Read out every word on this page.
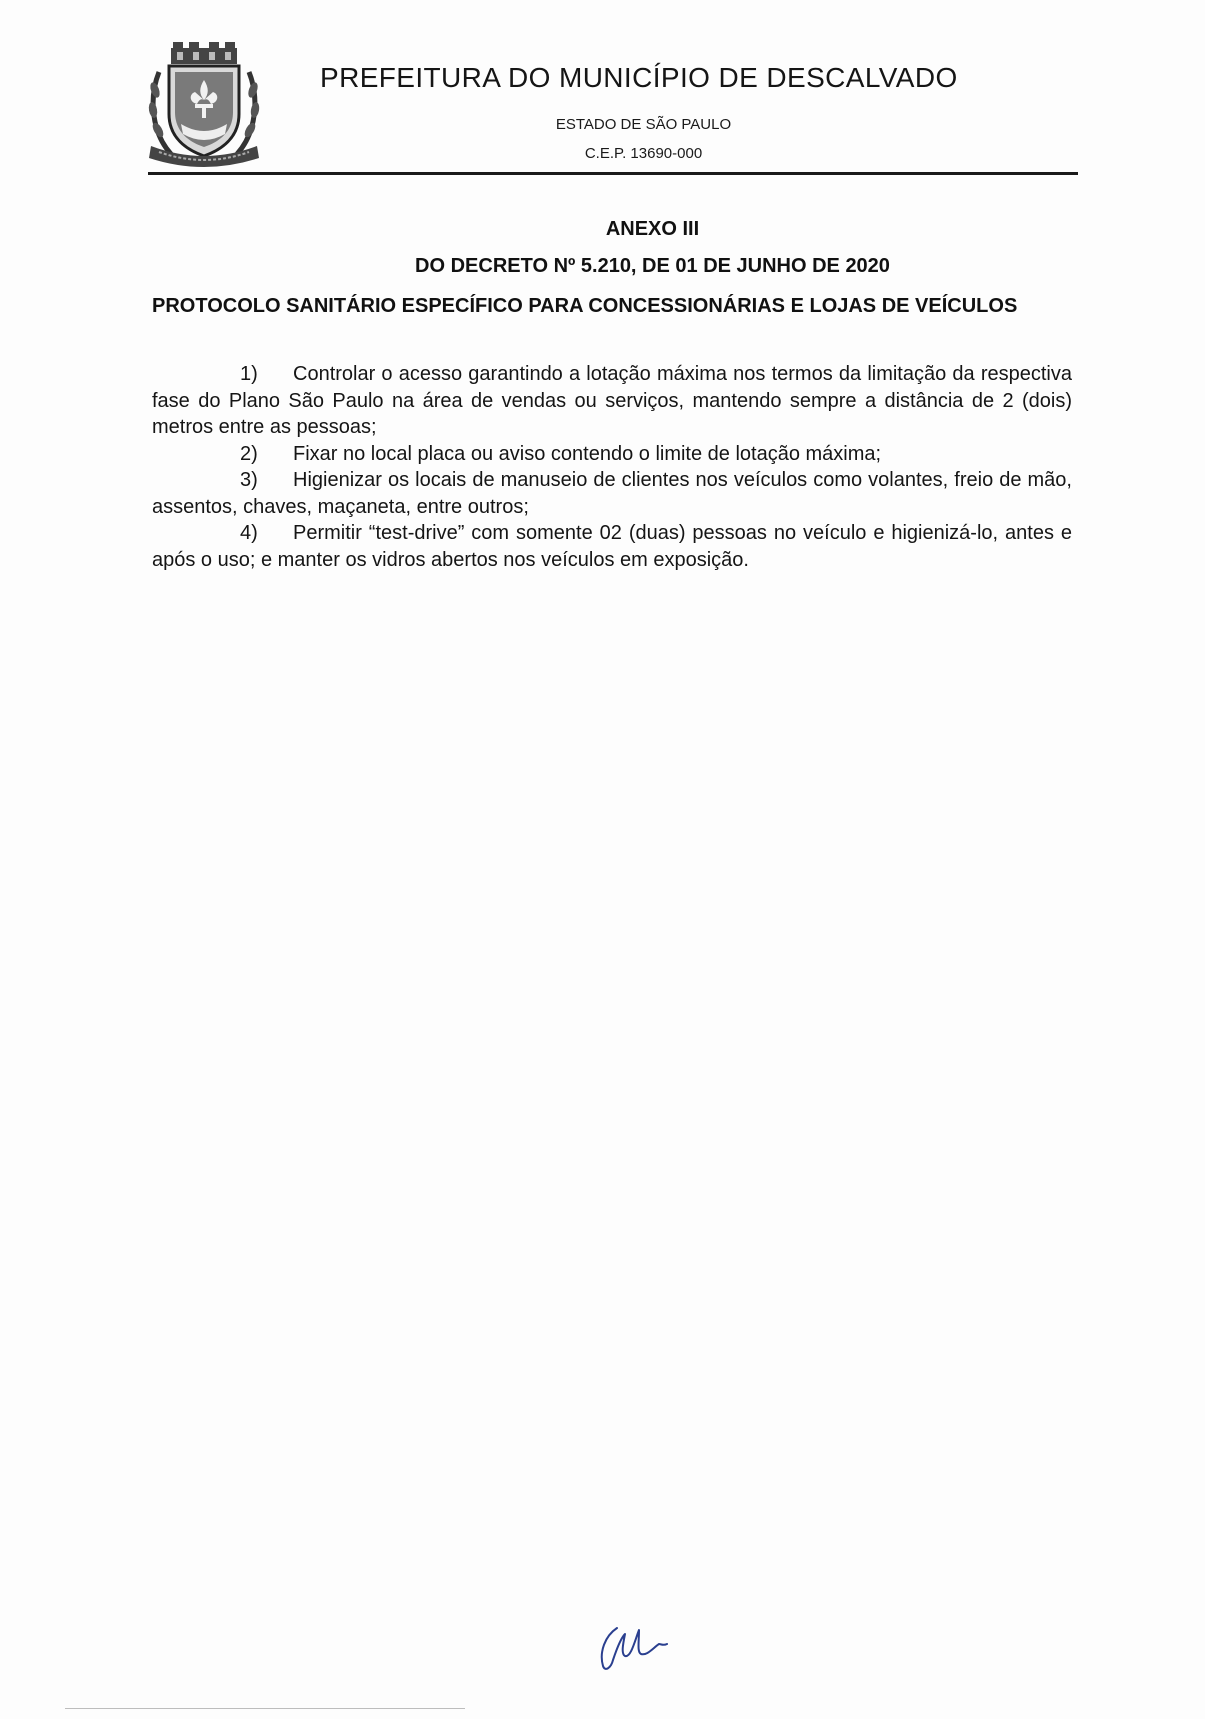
PREFEITURA DO MUNICÍPIO DE DESCALVADO
ESTADO DE SÃO PAULO
C.E.P. 13690-000
ANEXO III
DO DECRETO Nº 5.210, DE 01 DE JUNHO DE 2020
PROTOCOLO SANITÁRIO ESPECÍFICO PARA CONCESSIONÁRIAS E LOJAS DE VEÍCULOS

1) Controlar o acesso garantindo a lotação máxima nos termos da limitação da respectiva fase do Plano São Paulo na área de vendas ou serviços, mantendo sempre a distância de 2 (dois) metros entre as pessoas;

2) Fixar no local placa ou aviso contendo o limite de lotação máxima;

3) Higienizar os locais de manuseio de clientes nos veículos como volantes, freio de mão, assentos, chaves, maçaneta, entre outros;

4) Permitir “test-drive” com somente 02 (duas) pessoas no veículo e higienizá-lo, antes e após o uso; e manter os vidros abertos nos veículos em exposição.
